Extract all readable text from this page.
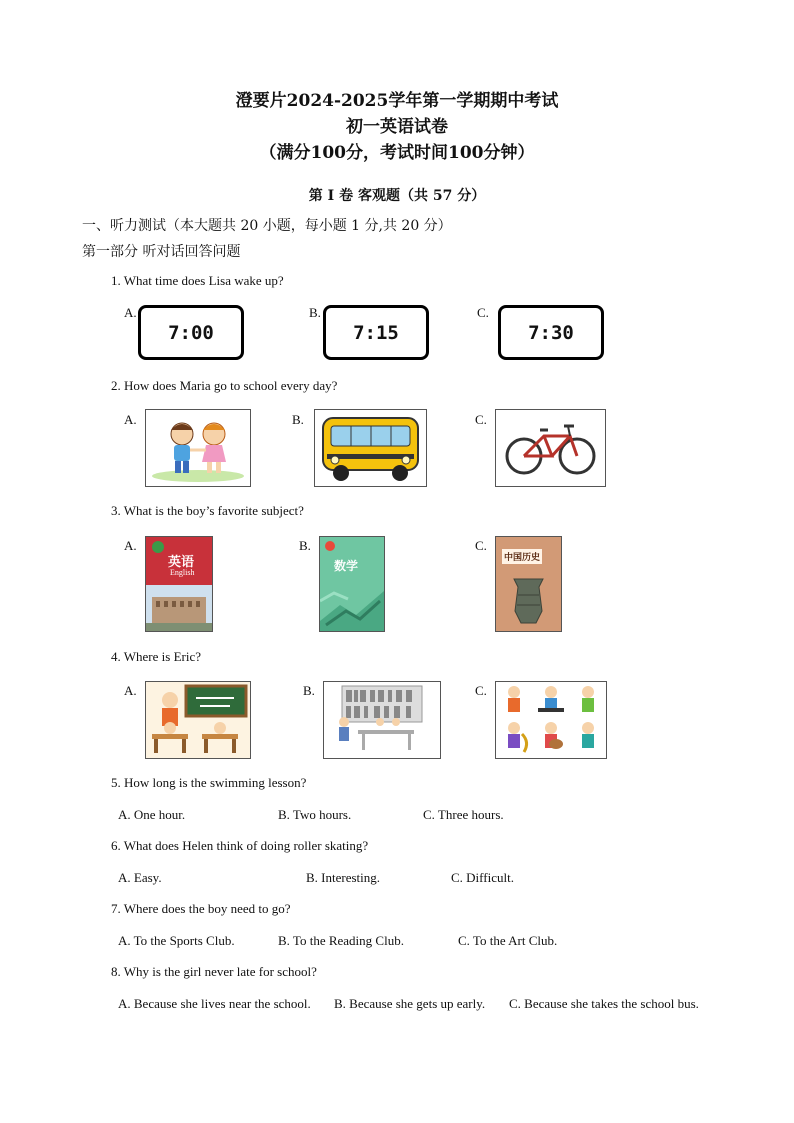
澄要片2024-2025学年第一学期期中考试
初一英语试卷
（满分100分，考试时间100分钟）
第 I 卷 客观题（共 57 分）
一、听力测试（本大题共 20 小题，每小题 1 分,共 20 分）
第一部分 听对话回答问题
1. What time does Lisa wake up?
A.
7:00
B.
7:15
C.
7:30
2. How does Maria go to school every day?
A.	B.	C.
3. What is the boy’s favorite subject?
A.
英语
English
B.
数学
C.
中国历史
4. Where is Eric?
A.	B.	C.
5. How long is the swimming lesson?
A. One hour.	B. Two hours.	C. Three hours.
6. What does Helen think of doing roller skating?
A. Easy.	B. Interesting.	C. Difficult.
7. Where does the boy need to go?
A. To the Sports Club.	B. To the Reading Club.	C. To the Art Club.
8. Why is the girl never late for school?
A. Because she lives near the school. B. Because she gets up early. C. Because she takes the school bus.
